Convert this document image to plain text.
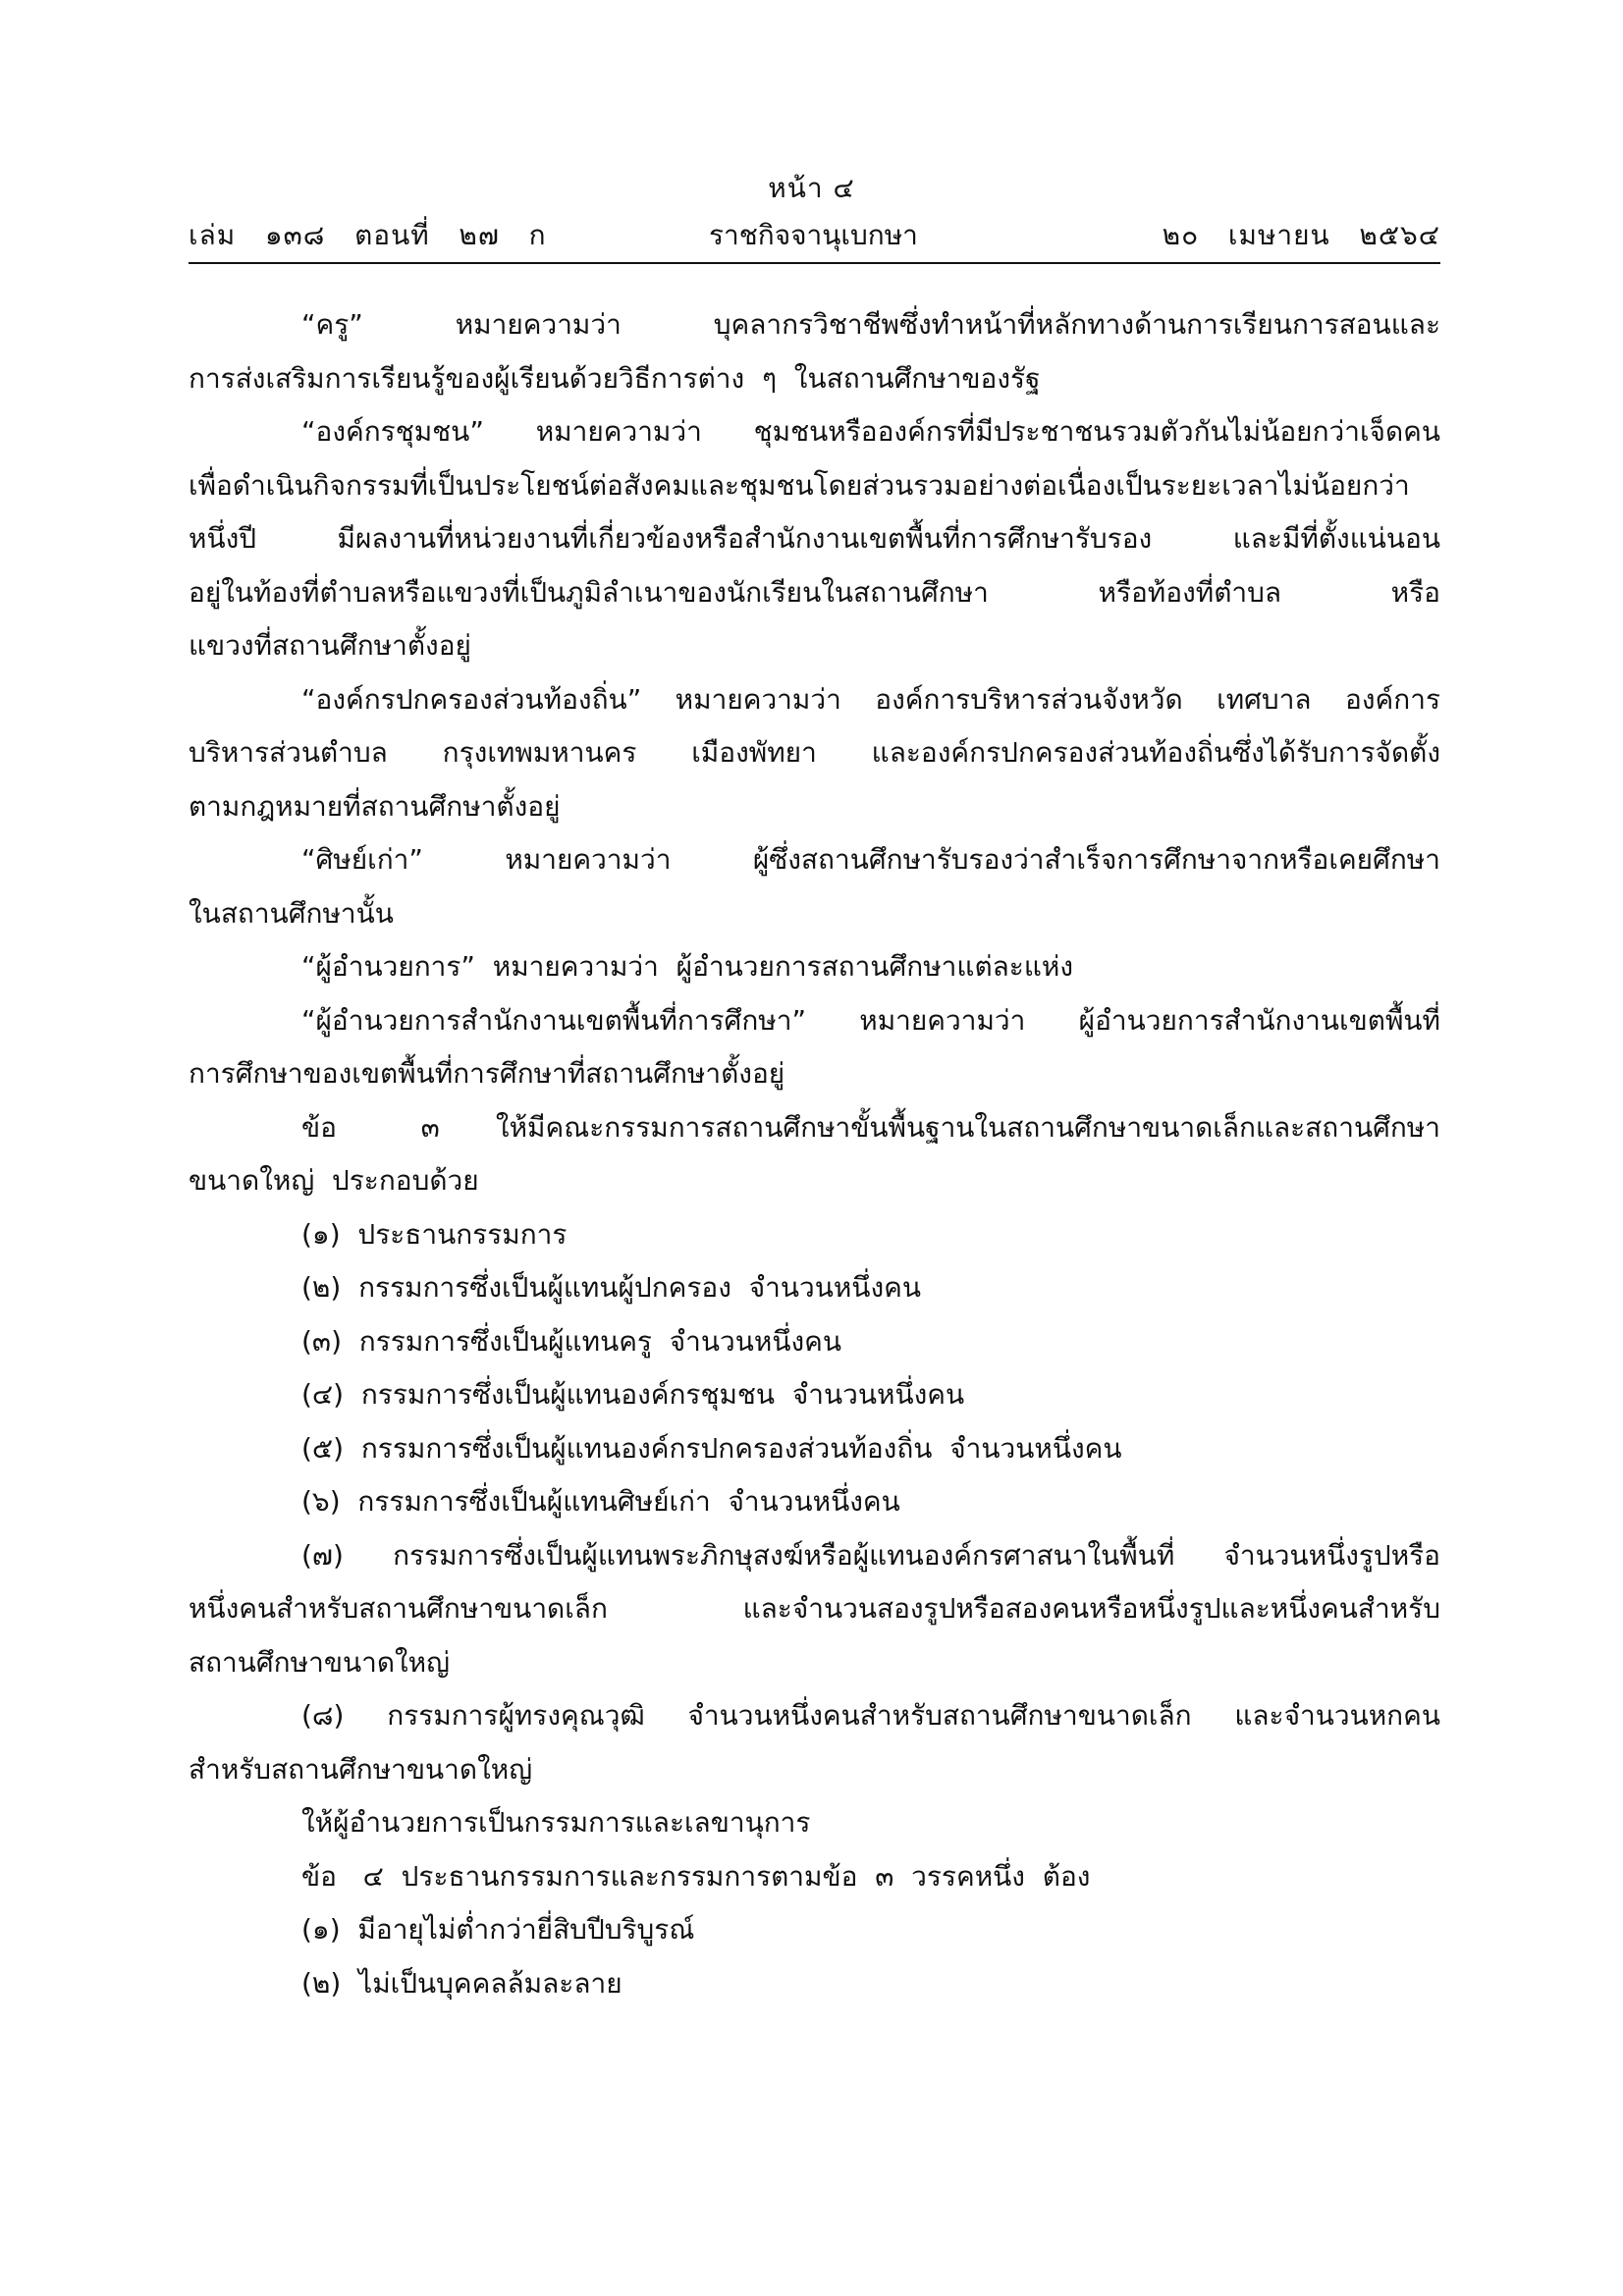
หน้า ๔
เล่ม   ๑๓๘   ตอนที่   ๒๗   ก	ราชกิจจานุเบกษา	๒๐   เมษายน   ๒๕๖๔
“ครู”  หมายความว่า  บุคลากรวิชาชีพซึ่งทำหน้าที่หลักทางด้านการเรียนการสอนและ
การส่งเสริมการเรียนรู้ของผู้เรียนด้วยวิธีการต่าง  ๆ  ในสถานศึกษาของรัฐ
“องค์กรชุมชน”  หมายความว่า  ชุมชนหรือองค์กรที่มีประชาชนรวมตัวกันไม่น้อยกว่าเจ็ดคน
เพื่อดำเนินกิจกรรมที่เป็นประโยชน์ต่อสังคมและชุมชนโดยส่วนรวมอย่างต่อเนื่องเป็นระยะเวลาไม่น้อยกว่า
หนึ่งปี  มีผลงานที่หน่วยงานที่เกี่ยวข้องหรือสำนักงานเขตพื้นที่การศึกษารับรอง  และมีที่ตั้งแน่นอน
อยู่ในท้องที่ตำบลหรือแขวงที่เป็นภูมิลำเนาของนักเรียนในสถานศึกษา  หรือท้องที่ตำบล  หรือ
แขวงที่สถานศึกษาตั้งอยู่
“องค์กรปกครองส่วนท้องถิ่น”  หมายความว่า  องค์การบริหารส่วนจังหวัด  เทศบาล  องค์การ
บริหารส่วนตำบล  กรุงเทพมหานคร  เมืองพัทยา  และองค์กรปกครองส่วนท้องถิ่นซึ่งได้รับการจัดตั้ง
ตามกฎหมายที่สถานศึกษาตั้งอยู่
“ศิษย์เก่า”  หมายความว่า  ผู้ซึ่งสถานศึกษารับรองว่าสำเร็จการศึกษาจากหรือเคยศึกษา
ในสถานศึกษานั้น
“ผู้อำนวยการ”  หมายความว่า  ผู้อำนวยการสถานศึกษาแต่ละแห่ง
“ผู้อำนวยการสำนักงานเขตพื้นที่การศึกษา”  หมายความว่า  ผู้อำนวยการสำนักงานเขตพื้นที่
การศึกษาของเขตพื้นที่การศึกษาที่สถานศึกษาตั้งอยู่
ข้อ   ๓  ให้มีคณะกรรมการสถานศึกษาขั้นพื้นฐานในสถานศึกษาขนาดเล็กและสถานศึกษา
ขนาดใหญ่  ประกอบด้วย
(๑)  ประธานกรรมการ
(๒)  กรรมการซึ่งเป็นผู้แทนผู้ปกครอง  จำนวนหนึ่งคน
(๓)  กรรมการซึ่งเป็นผู้แทนครู  จำนวนหนึ่งคน
(๔)  กรรมการซึ่งเป็นผู้แทนองค์กรชุมชน  จำนวนหนึ่งคน
(๕)  กรรมการซึ่งเป็นผู้แทนองค์กรปกครองส่วนท้องถิ่น  จำนวนหนึ่งคน
(๖)  กรรมการซึ่งเป็นผู้แทนศิษย์เก่า  จำนวนหนึ่งคน
(๗)  กรรมการซึ่งเป็นผู้แทนพระภิกษุสงฆ์หรือผู้แทนองค์กรศาสนาในพื้นที่  จำนวนหนึ่งรูปหรือ
หนึ่งคนสำหรับสถานศึกษาขนาดเล็ก  และจำนวนสองรูปหรือสองคนหรือหนึ่งรูปและหนึ่งคนสำหรับ
สถานศึกษาขนาดใหญ่
(๘)  กรรมการผู้ทรงคุณวุฒิ  จำนวนหนึ่งคนสำหรับสถานศึกษาขนาดเล็ก  และจำนวนหกคน
สำหรับสถานศึกษาขนาดใหญ่
ให้ผู้อำนวยการเป็นกรรมการและเลขานุการ
ข้อ   ๔  ประธานกรรมการและกรรมการตามข้อ  ๓  วรรคหนึ่ง  ต้อง
(๑)  มีอายุไม่ต่ำกว่ายี่สิบปีบริบูรณ์
(๒)  ไม่เป็นบุคคลล้มละลาย
